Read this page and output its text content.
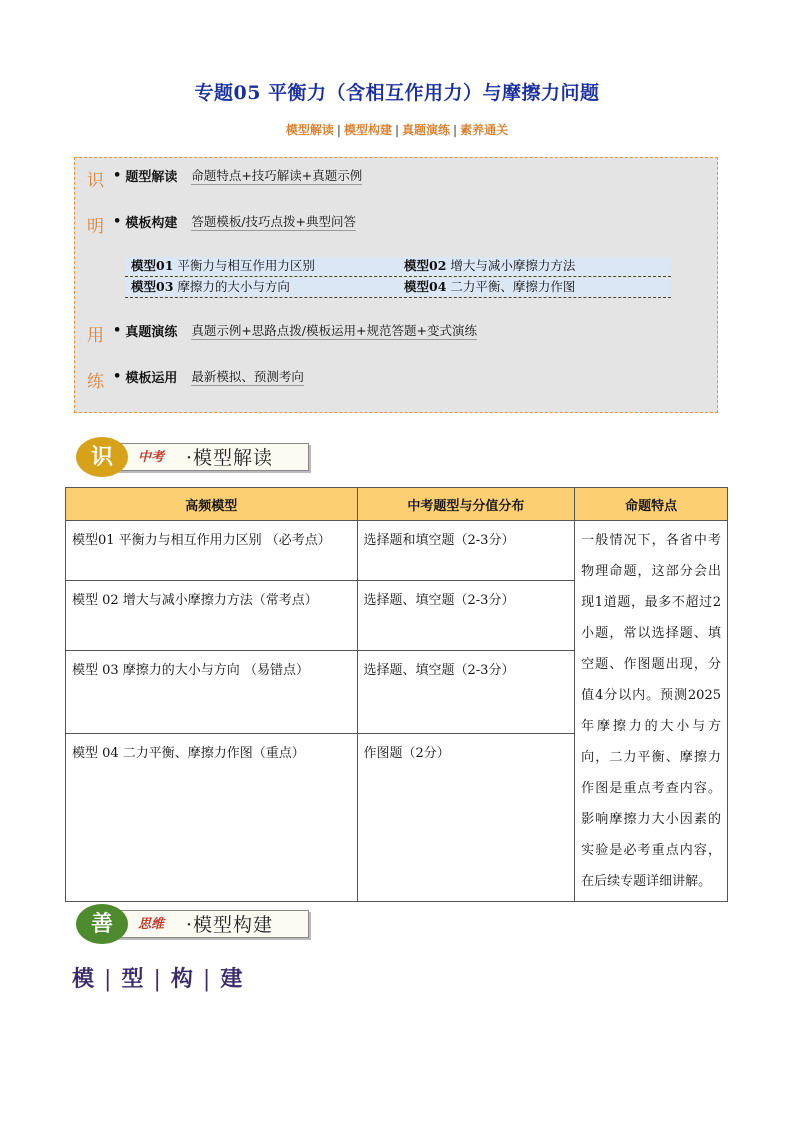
专题05 平衡力（含相互作用力）与摩擦力问题
模型解读 | 模型构建 | 真题演练 | 素养通关
识
明
用
练
• 题型解读 命题特点+技巧解读+真题示例
• 模板构建 答题模板/技巧点拨+典型问答
模型01 平衡力与相互作用力区别	模型02 增大与减小摩擦力方法
模型03 摩擦力的大小与方向	模型04 二力平衡、摩擦力作图
• 真题演练 真题示例+思路点拨/模板运用+规范答题+变式演练
• 模板运用 最新模拟、预测考向
识	中考 ·模型解读
高频模型	中考题型与分值分布	命题特点
模型01 平衡力与相互作用力区别 （必考点）	选择题和填空题（2-3分）	一般情况下，各省中考物理命题，这部分会出现1道题，最多不超过2小题，常以选择题、填空题、作图题出现，分值4分以内。预测2025年摩擦力的大小与方向，二力平衡、摩擦力作图是重点考查内容。影响摩擦力大小因素的实验是必考重点内容，在后续专题详细讲解。
模型 02 增大与减小摩擦力方法（常考点）	选择题、填空题（2-3分）	
模型 03 摩擦力的大小与方向 （易错点）	选择题、填空题（2-3分）	
模型 04 二力平衡、摩擦力作图（重点）	作图题（2分）	
善	思维 ·模型构建
模 | 型 | 构 | 建
